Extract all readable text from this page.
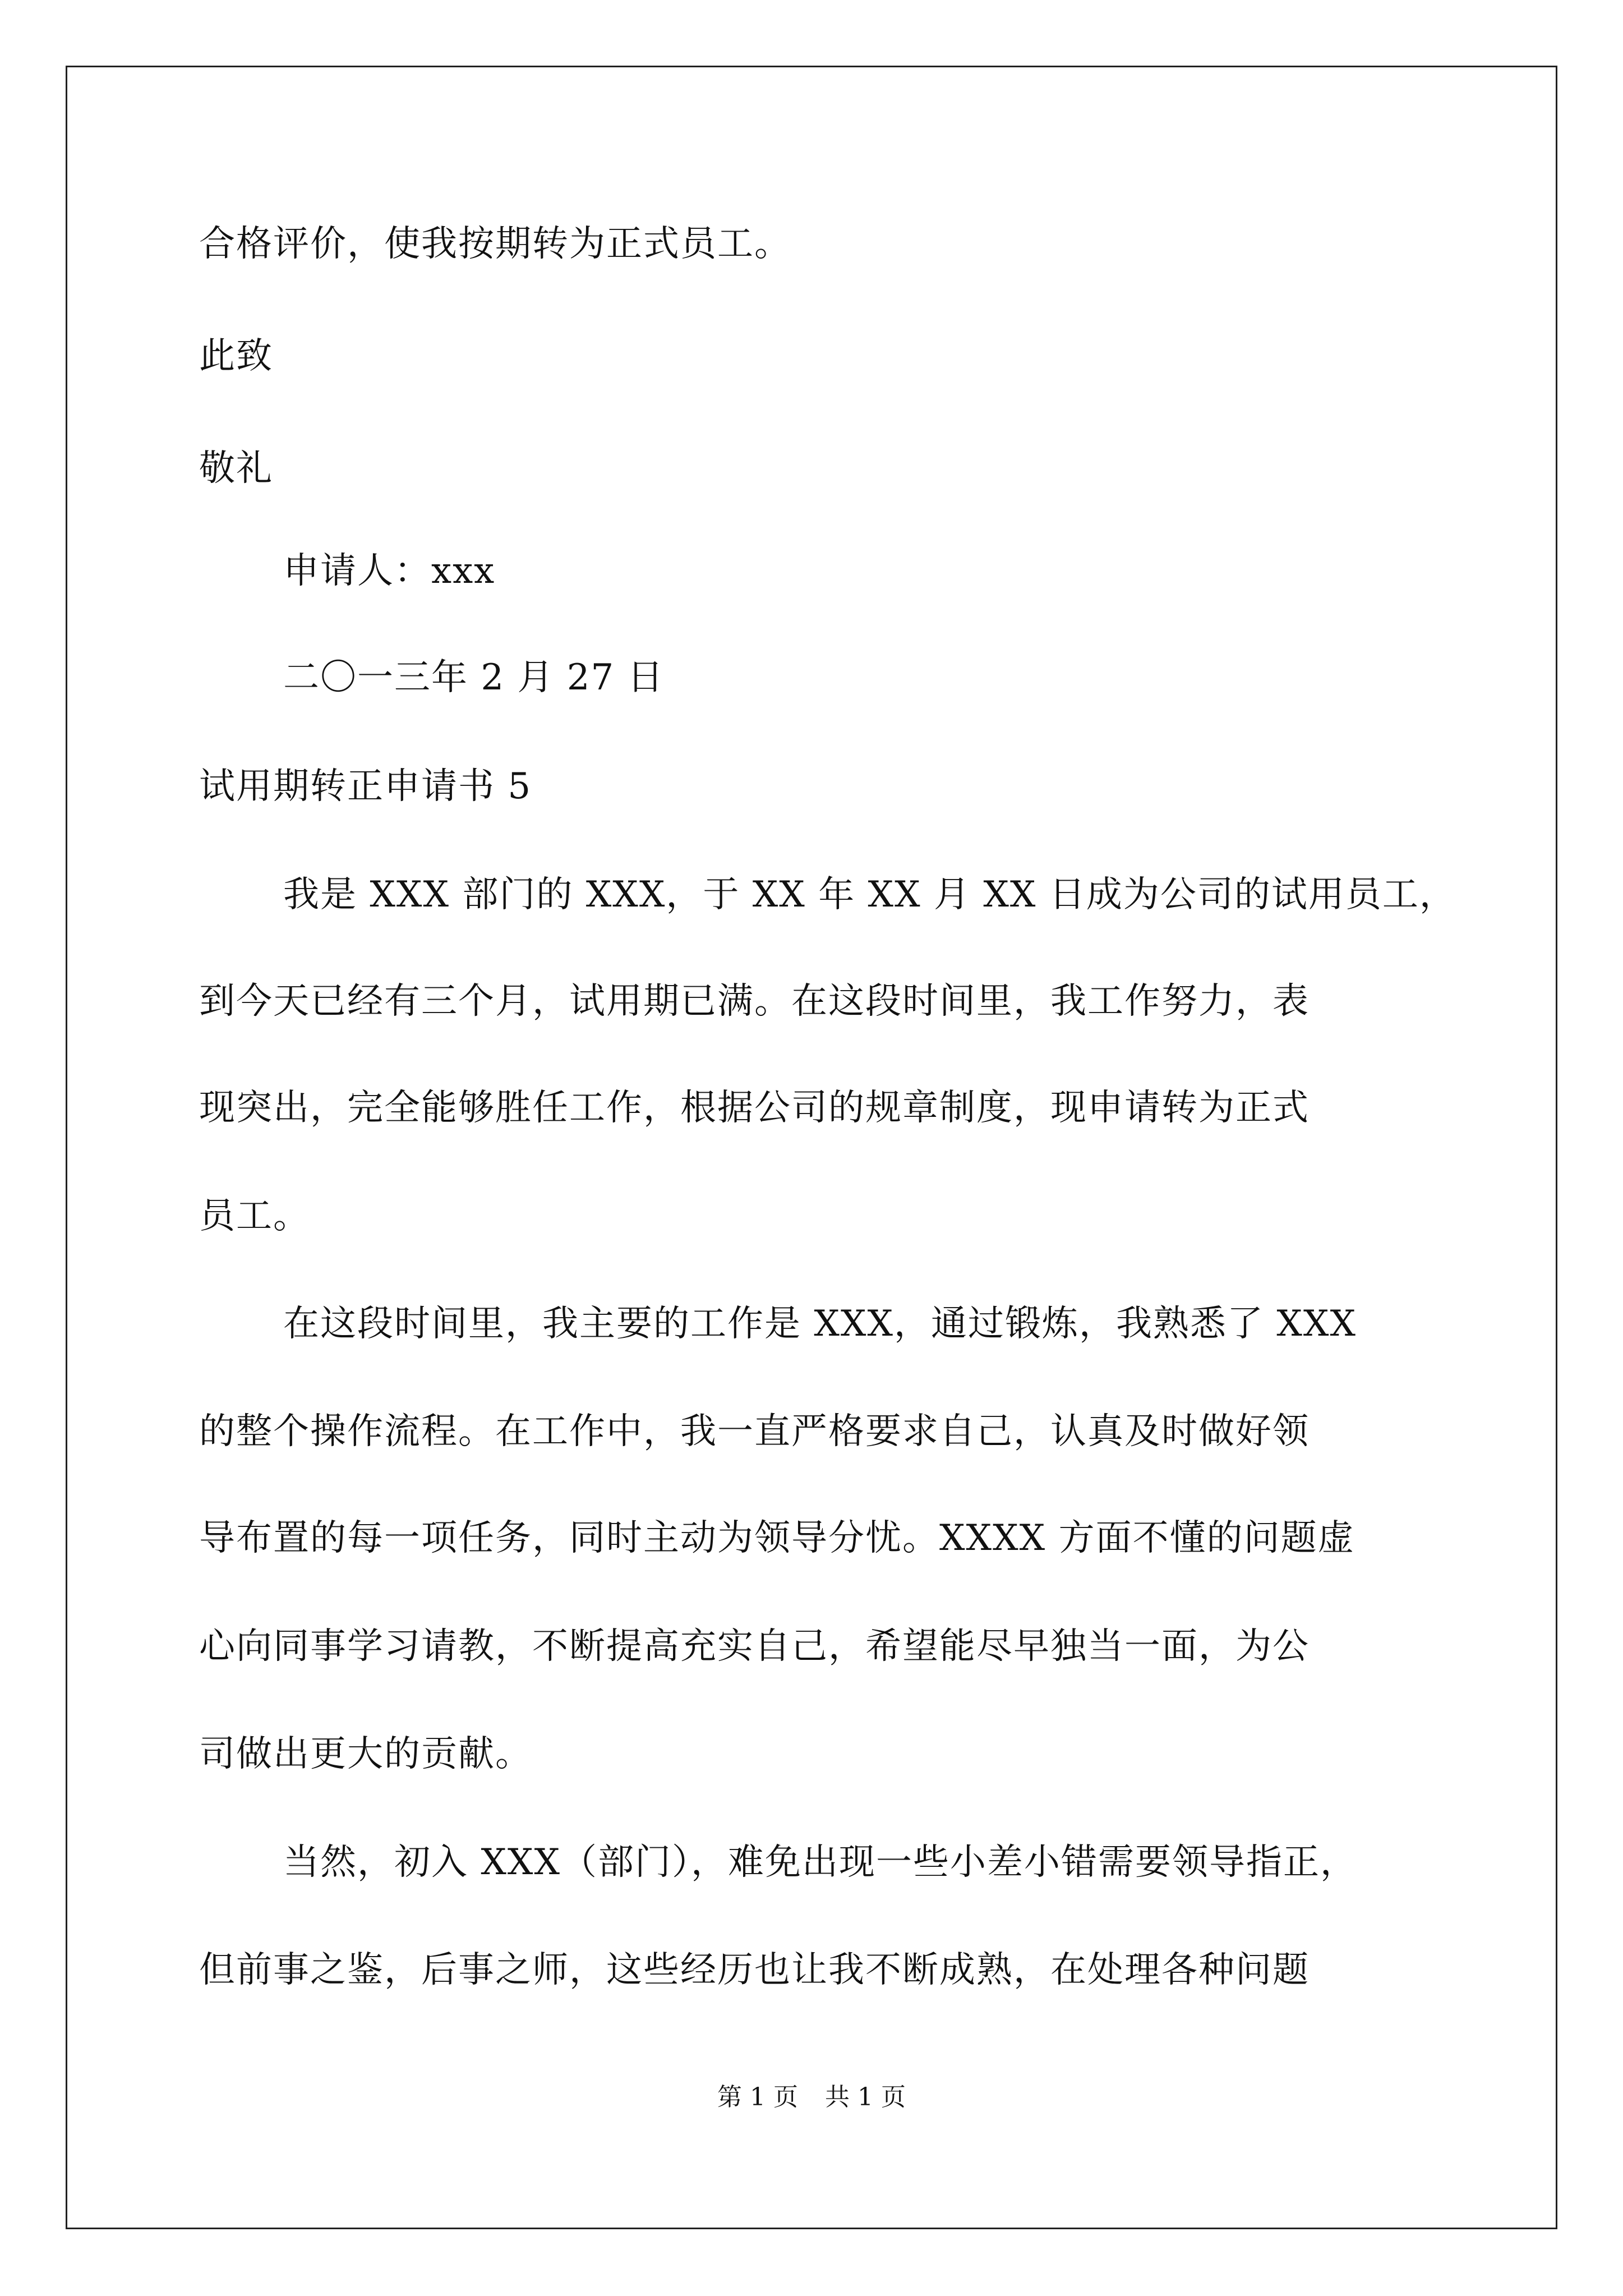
合格评价，使我按期转为正式员工。
此致
敬礼
申请人：xxx
二〇一三年 2 月 27 日
试用期转正申请书 5
我是 XXX 部门的 XXX，于 XX 年 XX 月 XX 日成为公司的试用员工，
到今天已经有三个月，试用期已满。在这段时间里，我工作努力，表
现突出，完全能够胜任工作，根据公司的规章制度，现申请转为正式
员工。
在这段时间里，我主要的工作是 XXX，通过锻炼，我熟悉了 XXX
的整个操作流程。在工作中，我一直严格要求自己，认真及时做好领
导布置的每一项任务，同时主动为领导分忧。XXXX 方面不懂的问题虚
心向同事学习请教，不断提高充实自己，希望能尽早独当一面，为公
司做出更大的贡献。
当然，初入 XXX（部门），难免出现一些小差小错需要领导指正，
但前事之鉴，后事之师，这些经历也让我不断成熟，在处理各种问题
第 1 页 共 1 页
